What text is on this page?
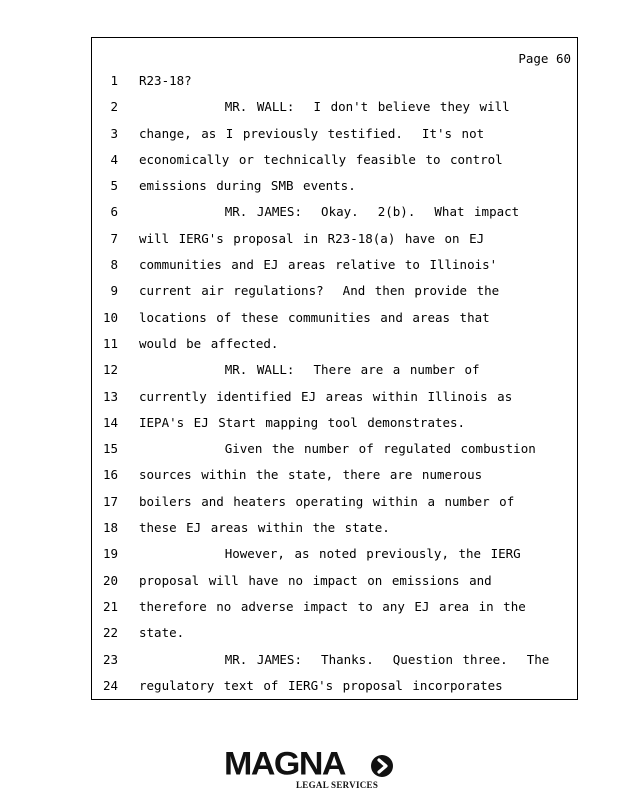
Page 60
1 R23-18?
2 MR. WALL:  I don't believe they will
3 change, as I previously testified.  It's not
4 economically or technically feasible to control
5 emissions during SMB events.
6 MR. JAMES:  Okay.  2(b).  What impact
7 will IERG's proposal in R23-18(a) have on EJ
8 communities and EJ areas relative to Illinois'
9 current air regulations?  And then provide the
10 locations of these communities and areas that
11 would be affected.
12 MR. WALL:  There are a number of
13 currently identified EJ areas within Illinois as
14 IEPA's EJ Start mapping tool demonstrates.
15 Given the number of regulated combustion
16 sources within the state, there are numerous
17 boilers and heaters operating within a number of
18 these EJ areas within the state.
19 However, as noted previously, the IERG
20 proposal will have no impact on emissions and
21 therefore no adverse impact to any EJ area in the
22 state.
23 MR. JAMES:  Thanks.  Question three.  The
24 regulatory text of IERG's proposal incorporates
MAGNA
LEGAL SERVICES
